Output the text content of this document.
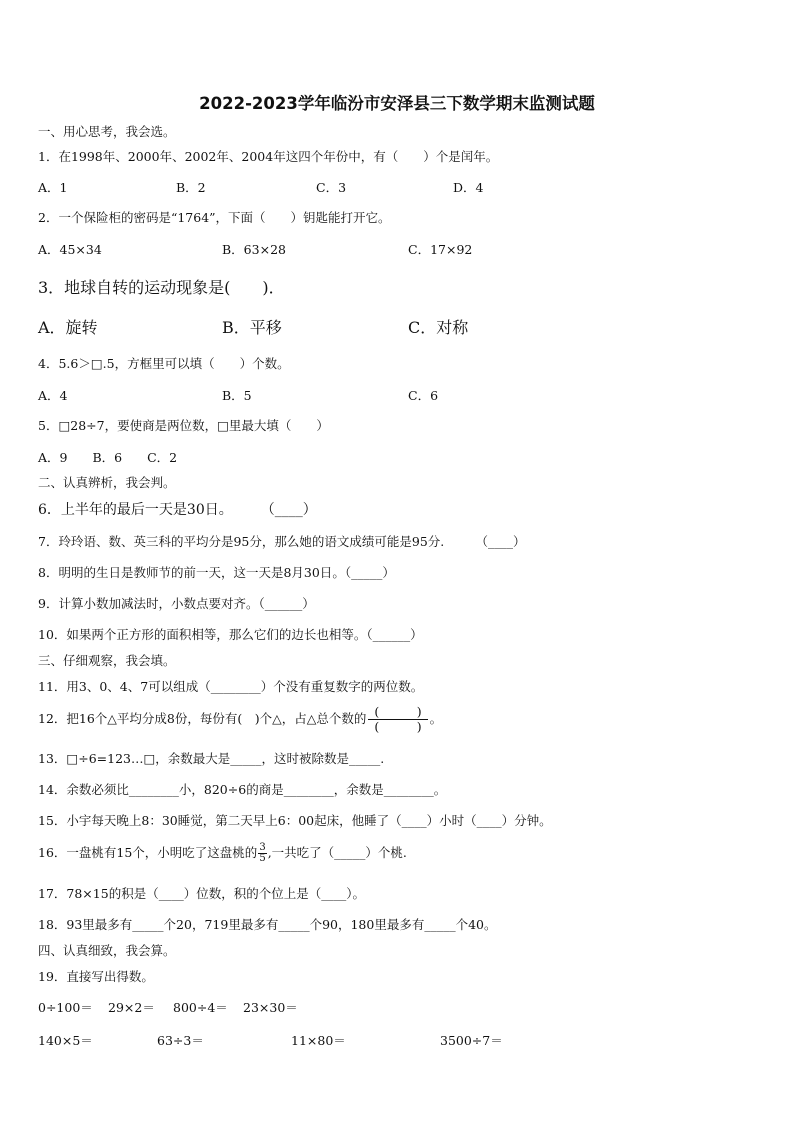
2022-2023学年临汾市安泽县三下数学期末监测试题
一、用心思考，我会选。
1．在1998年、2000年、2002年、2004年这四个年份中，有（　　）个是闰年。
A．1	B．2	C．3	D．4
2．一个保险柜的密码是“1764”，下面（　　）钥匙能打开它。
A．45×34	B．63×28	C．17×92
3．地球自转的运动现象是(　　)．
A．旋转	B．平移	C．对称
4．5.6＞□.5，方框里可以填（　　）个数。
A．4	B．5	C．6
5．□28÷7，要使商是两位数，□里最大填（　　）
A．9　　B．6　　C．2
二、认真辨析，我会判。
6．上半年的最后一天是30日。　　　（____）
7．玲玲语、数、英三科的平均分是95分，那么她的语文成绩可能是95分.　　　（____）
8．明明的生日是教师节的前一天，这一天是8月30日。（_____）
9．计算小数加减法时，小数点要对齐。（______）
10．如果两个正方形的面积相等，那么它们的边长也相等。（______）
三、仔细观察，我会填。
11．用3、0、4、7可以组成（________）个没有重复数字的两位数。
12．把16个△平均分成8份，每份有(　)个△，占△总个数的 (　　　)
(　　　)
。
13．□÷6=123…□，余数最大是_____，这时被除数是_____.
14．余数必须比________小，820÷6的商是________，余数是________。
15．小宇每天晚上8：30睡觉，第二天早上6：00起床，他睡了（____）小时（____）分钟。
16．一盘桃有15个，小明吃了这盘桃的 $\frac{3}{5}$ ,一共吃了（_____）个桃.
17．78×15的积是（____）位数，积的个位上是（____）。
18．93里最多有_____个20，719里最多有_____个90，180里最多有_____个40。
四、认真细致，我会算。
19．直接写出得数。
0÷100＝ 29×2＝ 800÷4＝ 23×30＝
140×5＝	63÷3＝	11×80＝	3500÷7＝
